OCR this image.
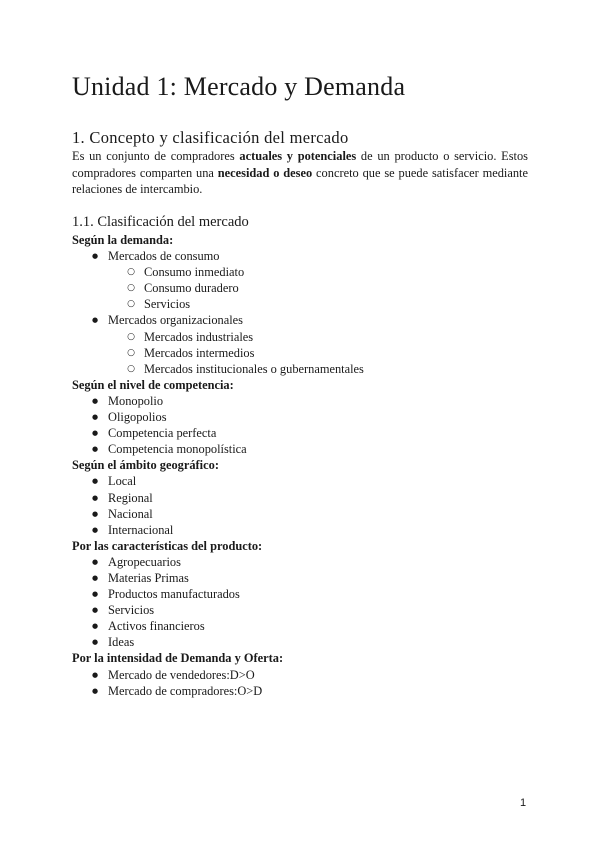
Unidad 1: Mercado y Demanda
1. Concepto y clasificación del mercado

Es un conjunto de compradores actuales y potenciales de un producto o servicio. Estos compradores comparten una necesidad o deseo concreto que se puede satisfacer mediante relaciones de intercambio.

1.1. Clasificación del mercado
Según la demanda:
● Mercados de consumo
○ Consumo inmediato
○ Consumo duradero
○ Servicios
● Mercados organizacionales
○ Mercados industriales
○ Mercados intermedios
○ Mercados institucionales o gubernamentales
Según el nivel de competencia:
● Monopolio
● Oligopolios
● Competencia perfecta
● Competencia monopolística
Según el ámbito geográfico:
● Local
● Regional
● Nacional
● Internacional
Por las características del producto:
● Agropecuarios
● Materias Primas
● Productos manufacturados
● Servicios
● Activos financieros
● Ideas
Por la intensidad de Demanda y Oferta:
● Mercado de vendedores:D>O
● Mercado de compradores:O>D
1
